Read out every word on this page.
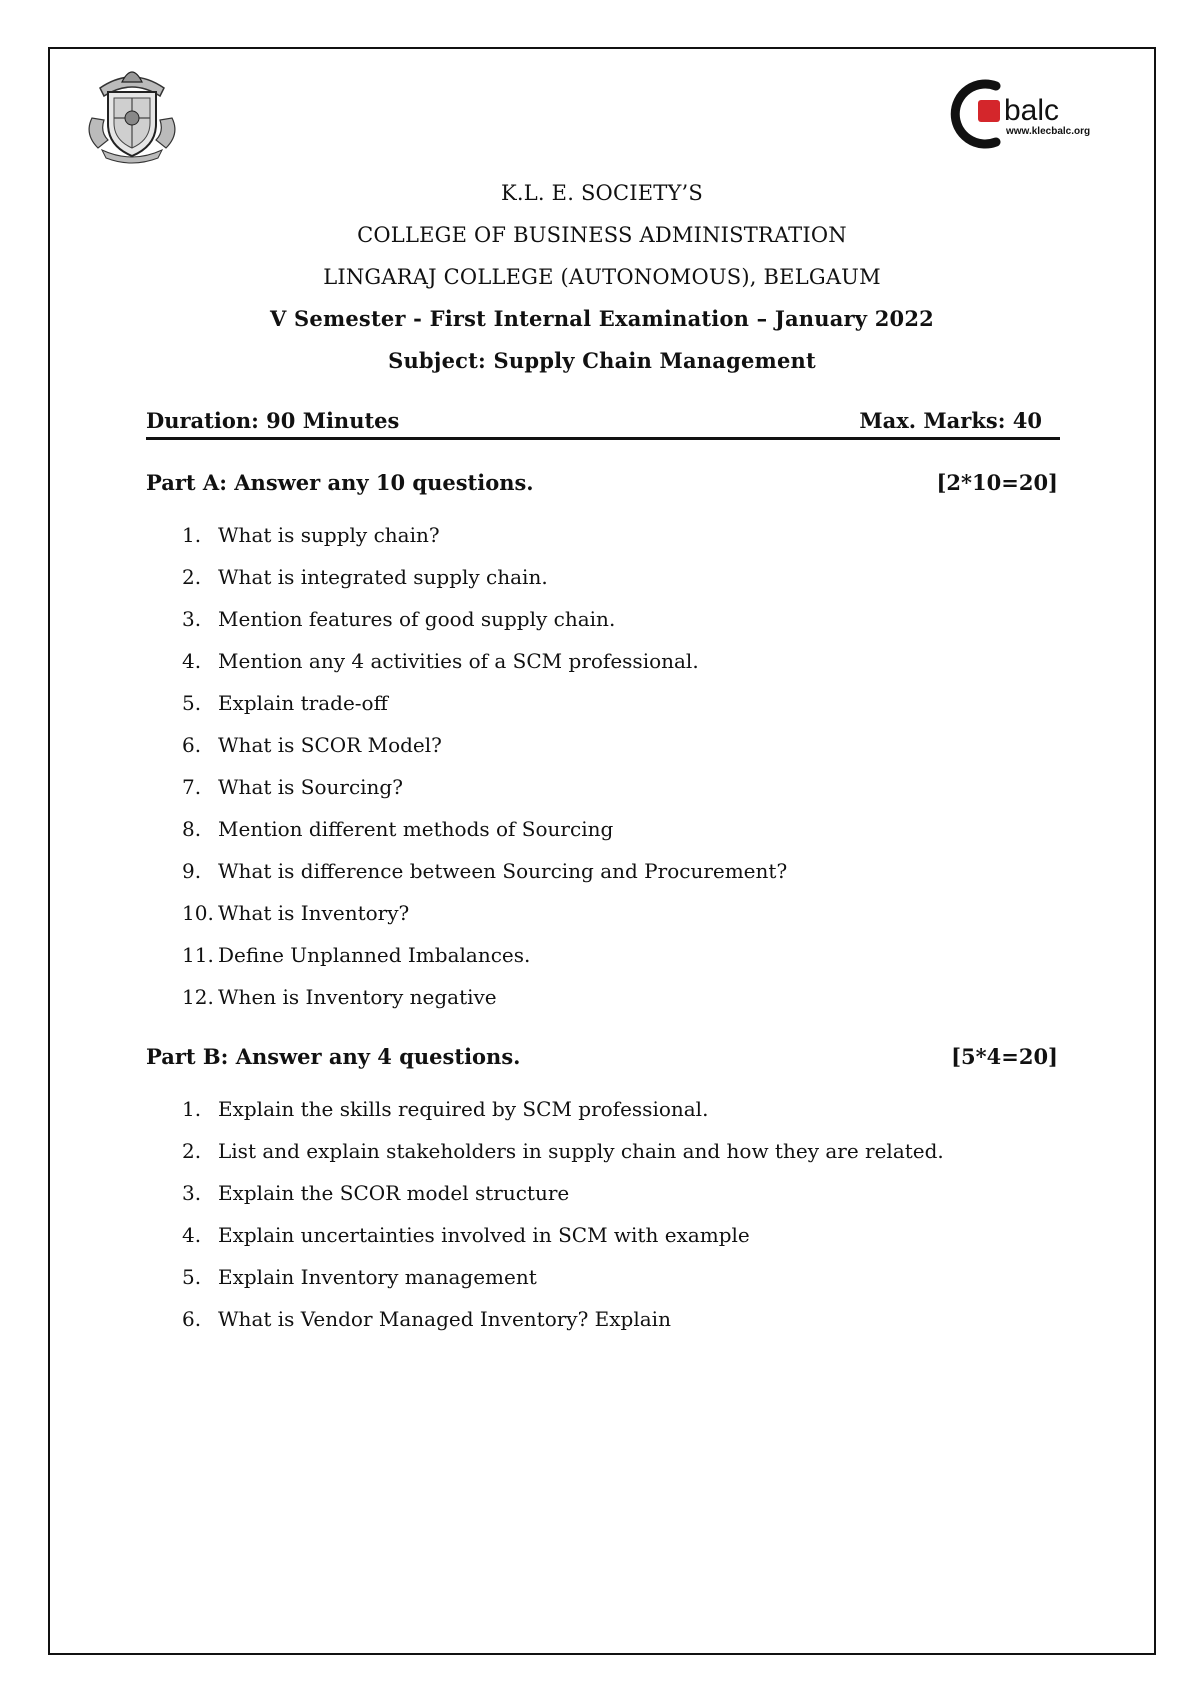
balc
www.klecbalc.org

K.L. E. SOCIETY’S

COLLEGE OF BUSINESS ADMINISTRATION

LINGARAJ COLLEGE (AUTONOMOUS), BELGAUM

V Semester - First Internal Examination – January 2022

Subject: Supply Chain Management

Duration: 90 Minutes	Max. Marks: 40
Part A: Answer any 10 questions.	[2*10=20]
1. What is supply chain?
2. What is integrated supply chain.
3. Mention features of good supply chain.
4. Mention any 4 activities of a SCM professional.
5. Explain trade-off
6. What is SCOR Model?
7. What is Sourcing?
8. Mention different methods of Sourcing
9. What is difference between Sourcing and Procurement?
10. What is Inventory?
11. Define Unplanned Imbalances.
12. When is Inventory negative
Part B: Answer any 4 questions.	[5*4=20]
1. Explain the skills required by SCM professional.
2. List and explain stakeholders in supply chain and how they are related.
3. Explain the SCOR model structure
4. Explain uncertainties involved in SCM with example
5. Explain Inventory management
6. What is Vendor Managed Inventory? Explain
